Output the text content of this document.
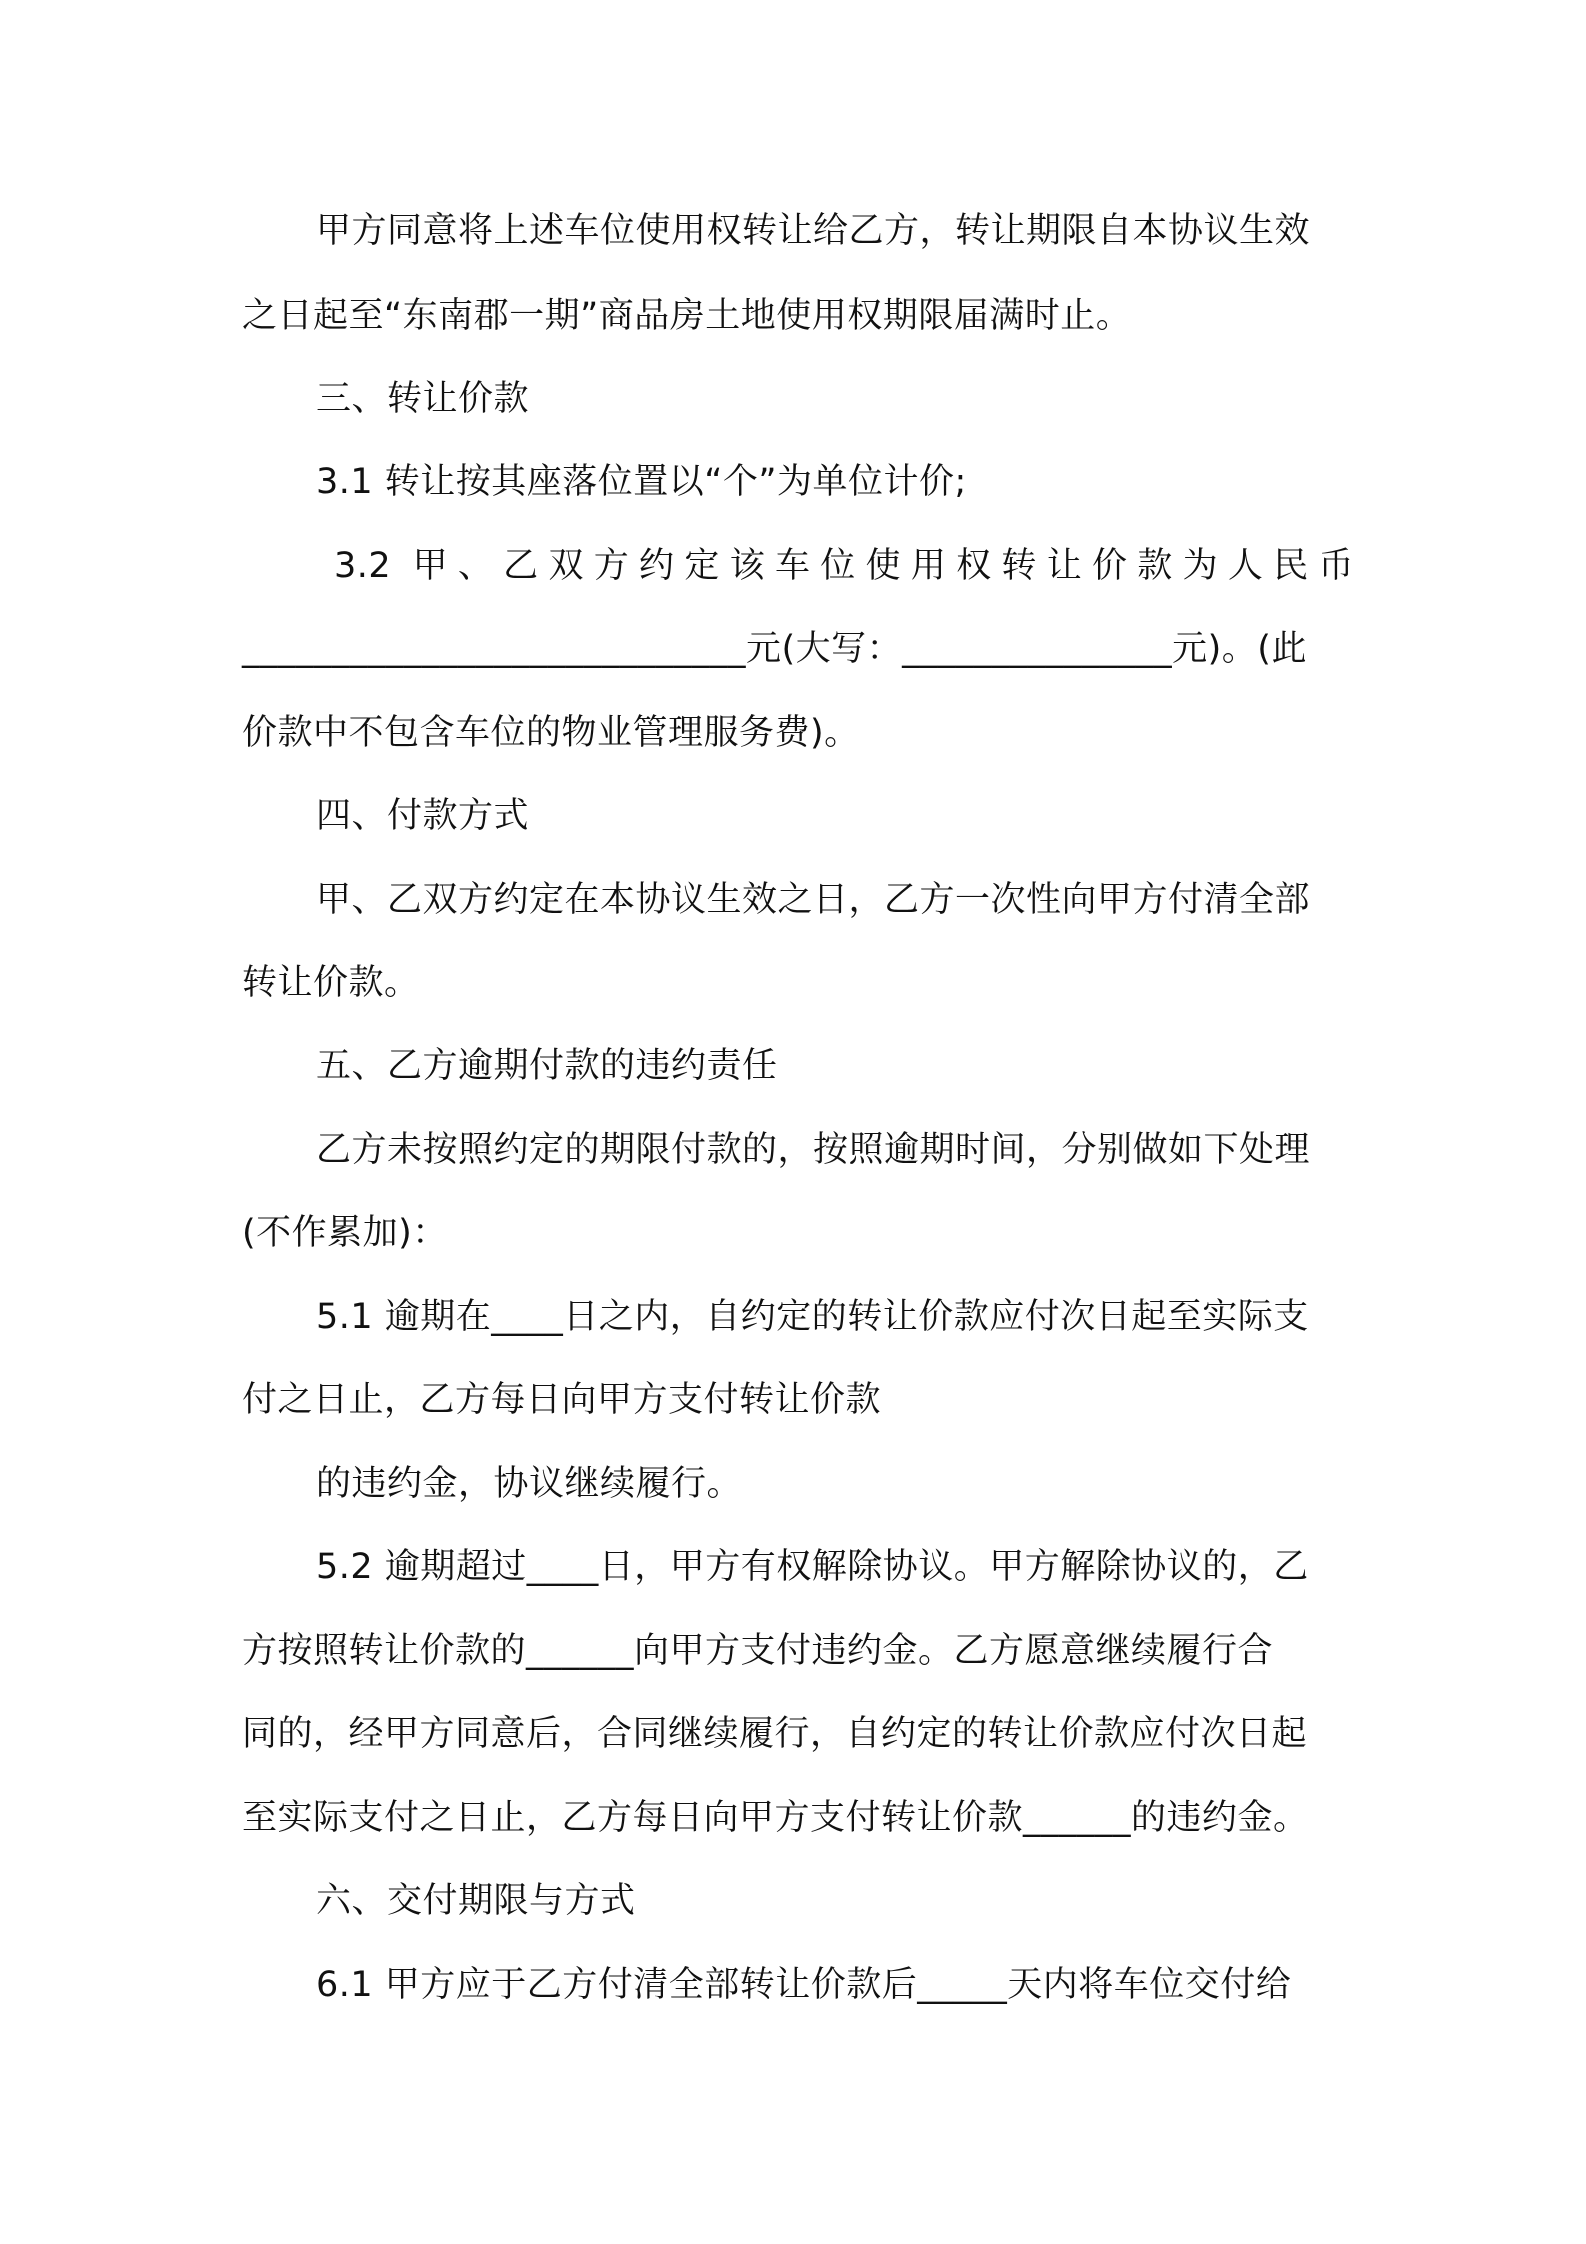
甲方同意将上述车位使用权转让给乙方，转让期限自本协议生效
之日起至“东南郡一期”商品房土地使用权期限届满时止。
三、转让价款
3.1 转让按其座落位置以“个”为单位计价;
3.2 甲、乙双方约定该车位使用权转让价款为人民币
____________________________元(大写：_______________元)。(此
价款中不包含车位的物业管理服务费)。
四、付款方式
甲、乙双方约定在本协议生效之日，乙方一次性向甲方付清全部
转让价款。
五、乙方逾期付款的违约责任
乙方未按照约定的期限付款的，按照逾期时间，分别做如下处理
(不作累加)：
5.1 逾期在____日之内，自约定的转让价款应付次日起至实际支
付之日止，乙方每日向甲方支付转让价款
的违约金，协议继续履行。
5.2 逾期超过____日，甲方有权解除协议。甲方解除协议的，乙
方按照转让价款的______向甲方支付违约金。乙方愿意继续履行合
同的，经甲方同意后，合同继续履行，自约定的转让价款应付次日起
至实际支付之日止，乙方每日向甲方支付转让价款______的违约金。
六、交付期限与方式
6.1 甲方应于乙方付清全部转让价款后_____天内将车位交付给
